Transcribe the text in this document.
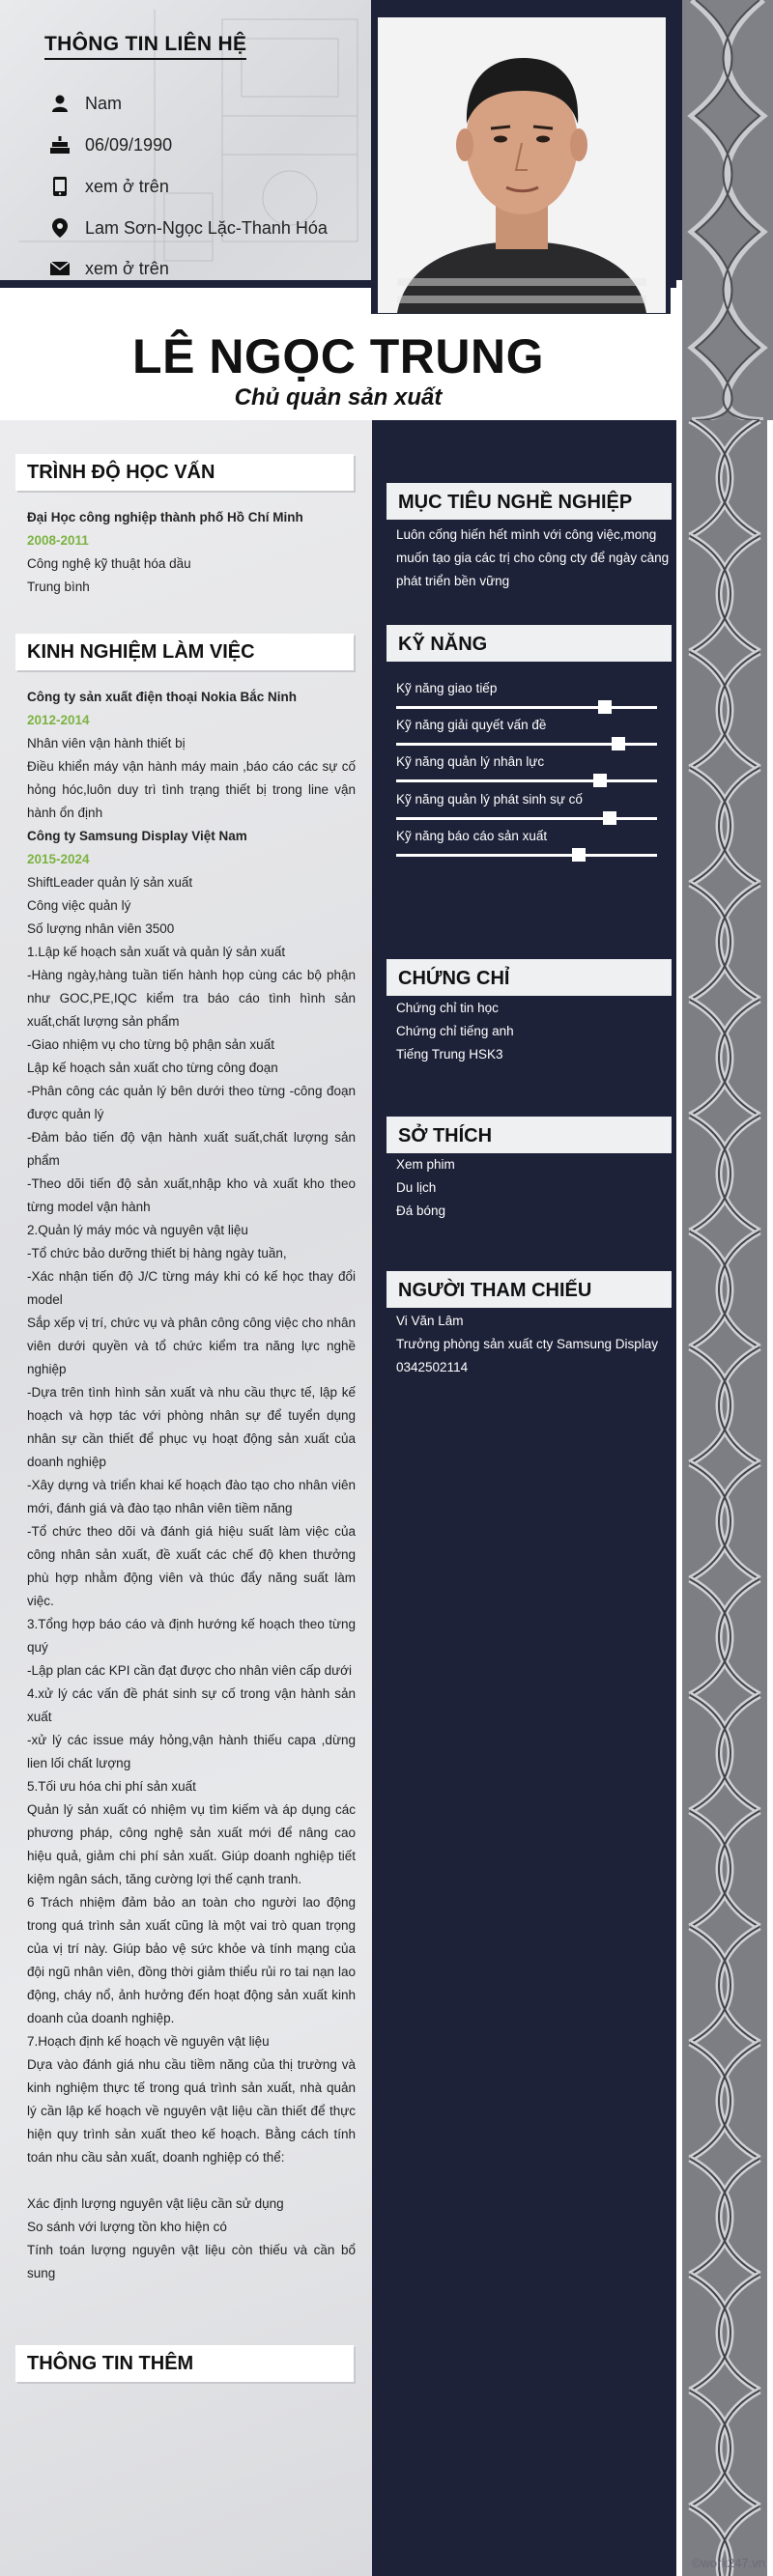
THÔNG TIN LIÊN HỆ
Nam
06/09/1990
xem ở trên
Lam Sơn-Ngọc Lặc-Thanh Hóa
xem ở trên
LÊ NGỌC TRUNG
Chủ quản sản xuất
TRÌNH ĐỘ HỌC VẤN
Đại Học công nghiệp thành phố Hồ Chí Minh
2008-2011
Công nghệ kỹ thuật hóa dầu
Trung bình
KINH NGHIỆM LÀM VIỆC
Công ty sản xuất điện thoại Nokia Bắc Ninh
2012-2014
Nhân viên vận hành thiết bị
Điều khiển máy vận hành máy main ,báo cáo các sự cố hỏng hóc,luôn duy trì tình trạng thiết bị trong line vận hành ổn định
Công ty Samsung Display Việt Nam
2015-2024
ShiftLeader quản lý sản xuất
Công việc quản lý
Số lượng nhân viên 3500
1.Lập kế hoạch sản xuất và quản lý sản xuất
-Hàng ngày,hàng tuần tiến hành họp cùng các bộ phận như GOC,PE,IQC kiểm tra báo cáo tình hình sản xuất,chất lượng sản phẩm
-Giao nhiệm vụ cho từng bộ phận sản xuất
Lập kế hoạch sản xuất cho từng công đoạn
-Phân công các quản lý bên dưới theo từng -công đoạn được quản lý
-Đảm bảo tiến độ vận hành xuất suất,chất lượng sản phẩm
-Theo dõi tiến độ sản xuất,nhập kho và xuất kho theo từng model vận hành
2.Quản lý máy móc và nguyên vật liệu
-Tổ chức bảo dưỡng thiết bị hàng ngày tuần,
-Xác nhận tiến độ J/C từng máy khi có kế học thay đổi model
Sắp xếp vị trí, chức vụ và phân công công việc cho nhân viên dưới quyền và tổ chức kiểm tra năng lực nghề nghiệp
-Dựa trên tình hình sản xuất và nhu cầu thực tế, lập kế hoạch và hợp tác với phòng nhân sự để tuyển dụng nhân sự cần thiết để phục vụ hoạt động sản xuất của doanh nghiệp
-Xây dựng và triển khai kế hoạch đào tạo cho nhân viên mới, đánh giá và đào tạo nhân viên tiềm năng
-Tổ chức theo dõi và đánh giá hiệu suất làm việc của công nhân sản xuất, đề xuất các chế độ khen thưởng phù hợp nhằm động viên và thúc đẩy năng suất làm việc.
3.Tổng hợp báo cáo và định hướng kế hoạch theo từng quý
-Lập plan các KPI cần đạt được cho nhân viên cấp dưới
4.xử lý các vấn đề phát sinh sự cố trong vận hành sản xuất
-xử lý các issue máy hỏng,vận hành thiếu capa ,dừng lien lối chất lượng
5.Tối ưu hóa chi phí sản xuất
Quản lý sản xuất có nhiệm vụ tìm kiếm và áp dụng các phương pháp, công nghệ sản xuất mới để nâng cao hiệu quả, giảm chi phí sản xuất. Giúp doanh nghiệp tiết kiệm ngân sách, tăng cường lợi thế cạnh tranh.
6 Trách nhiệm đảm bảo an toàn cho người lao động trong quá trình sản xuất cũng là một vai trò quan trọng của vị trí này. Giúp bảo vệ sức khỏe và tính mạng của đội ngũ nhân viên, đồng thời giảm thiểu rủi ro tai nạn lao động, cháy nổ, ảnh hưởng đến hoạt động sản xuất kinh doanh của doanh nghiệp.
7.Hoạch định kế hoạch về nguyên vật liệu
Dựa vào đánh giá nhu cầu tiềm năng của thị trường và kinh nghiệm thực tế trong quá trình sản xuất, nhà quản lý cần lập kế hoạch về nguyên vật liệu cần thiết để thực hiện quy trình sản xuất theo kế hoạch. Bằng cách tính toán nhu cầu sản xuất, doanh nghiệp có thể:

Xác định lượng nguyên vật liệu cần sử dụng
So sánh với lượng tồn kho hiện có
Tính toán lượng nguyên vật liệu còn thiếu và cần bổ sung
THÔNG TIN THÊM
MỤC TIÊU NGHỀ NGHIỆP
Luôn cống hiến hết mình với công việc,mong muốn tạo gia các trị cho công cty để ngày càng phát triển bền vững
KỸ NĂNG
Kỹ năng giao tiếp
Kỹ năng giải quyết vấn đề
Kỹ năng quản lý nhân lực
Kỹ năng quản lý phát sinh sự cố
Kỹ năng báo cáo sản xuất
CHỨNG CHỈ
Chứng chỉ tin học
Chứng chỉ tiếng anh
Tiếng Trung HSK3
SỞ THÍCH
Xem phim
Du lịch
Đá bóng
NGƯỜI THAM CHIẾU
Vi Văn Lâm
Trưởng phòng sản xuất cty Samsung Display
0342502114
©work247.vn
